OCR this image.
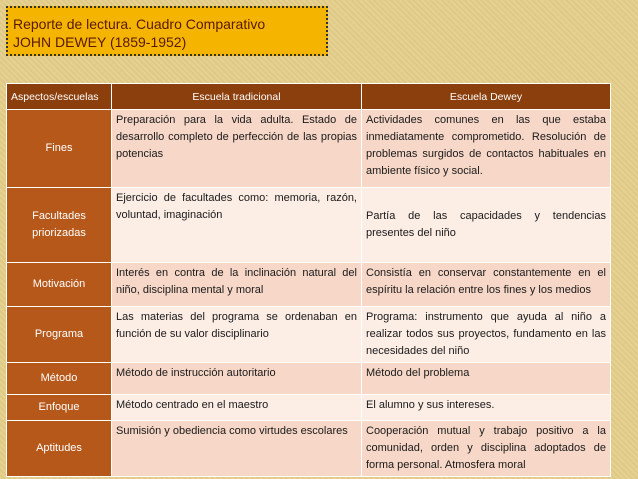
Reporte de lectura. Cuadro Comparativo
JOHN DEWEY (1859-1952)
Aspectos/escuelas	Escuela tradicional	Escuela Dewey
Fines	Preparación para la vida adulta. Estado de desarrollo completo de perfección de las propias potencias	Actividades comunes en las que estaba inmediatamente comprometido. Resolución de problemas surgidos de contactos habituales en ambiente físico y social.
Facultades priorizadas	Ejercicio de facultades como: memoria, razón, voluntad, imaginación	Partía de las capacidades y tendencias presentes del niño
Motivación	Interés en contra de la inclinación natural del niño, disciplina mental y moral	Consistía en conservar constantemente en el espíritu la relación entre los fines y los medios
Programa	Las materias del programa se ordenaban en función de su valor disciplinario	Programa: instrumento que ayuda al niño a realizar todos sus proyectos, fundamento en las necesidades del niño
Método	Método de instrucción autoritario	Método del problema
Enfoque	Método centrado en el maestro	El alumno y sus intereses.
Aptitudes	Sumisión y obediencia como virtudes escolares	Cooperación mutual y trabajo positivo a la comunidad, orden y disciplina adoptados de forma personal. Atmosfera moral
